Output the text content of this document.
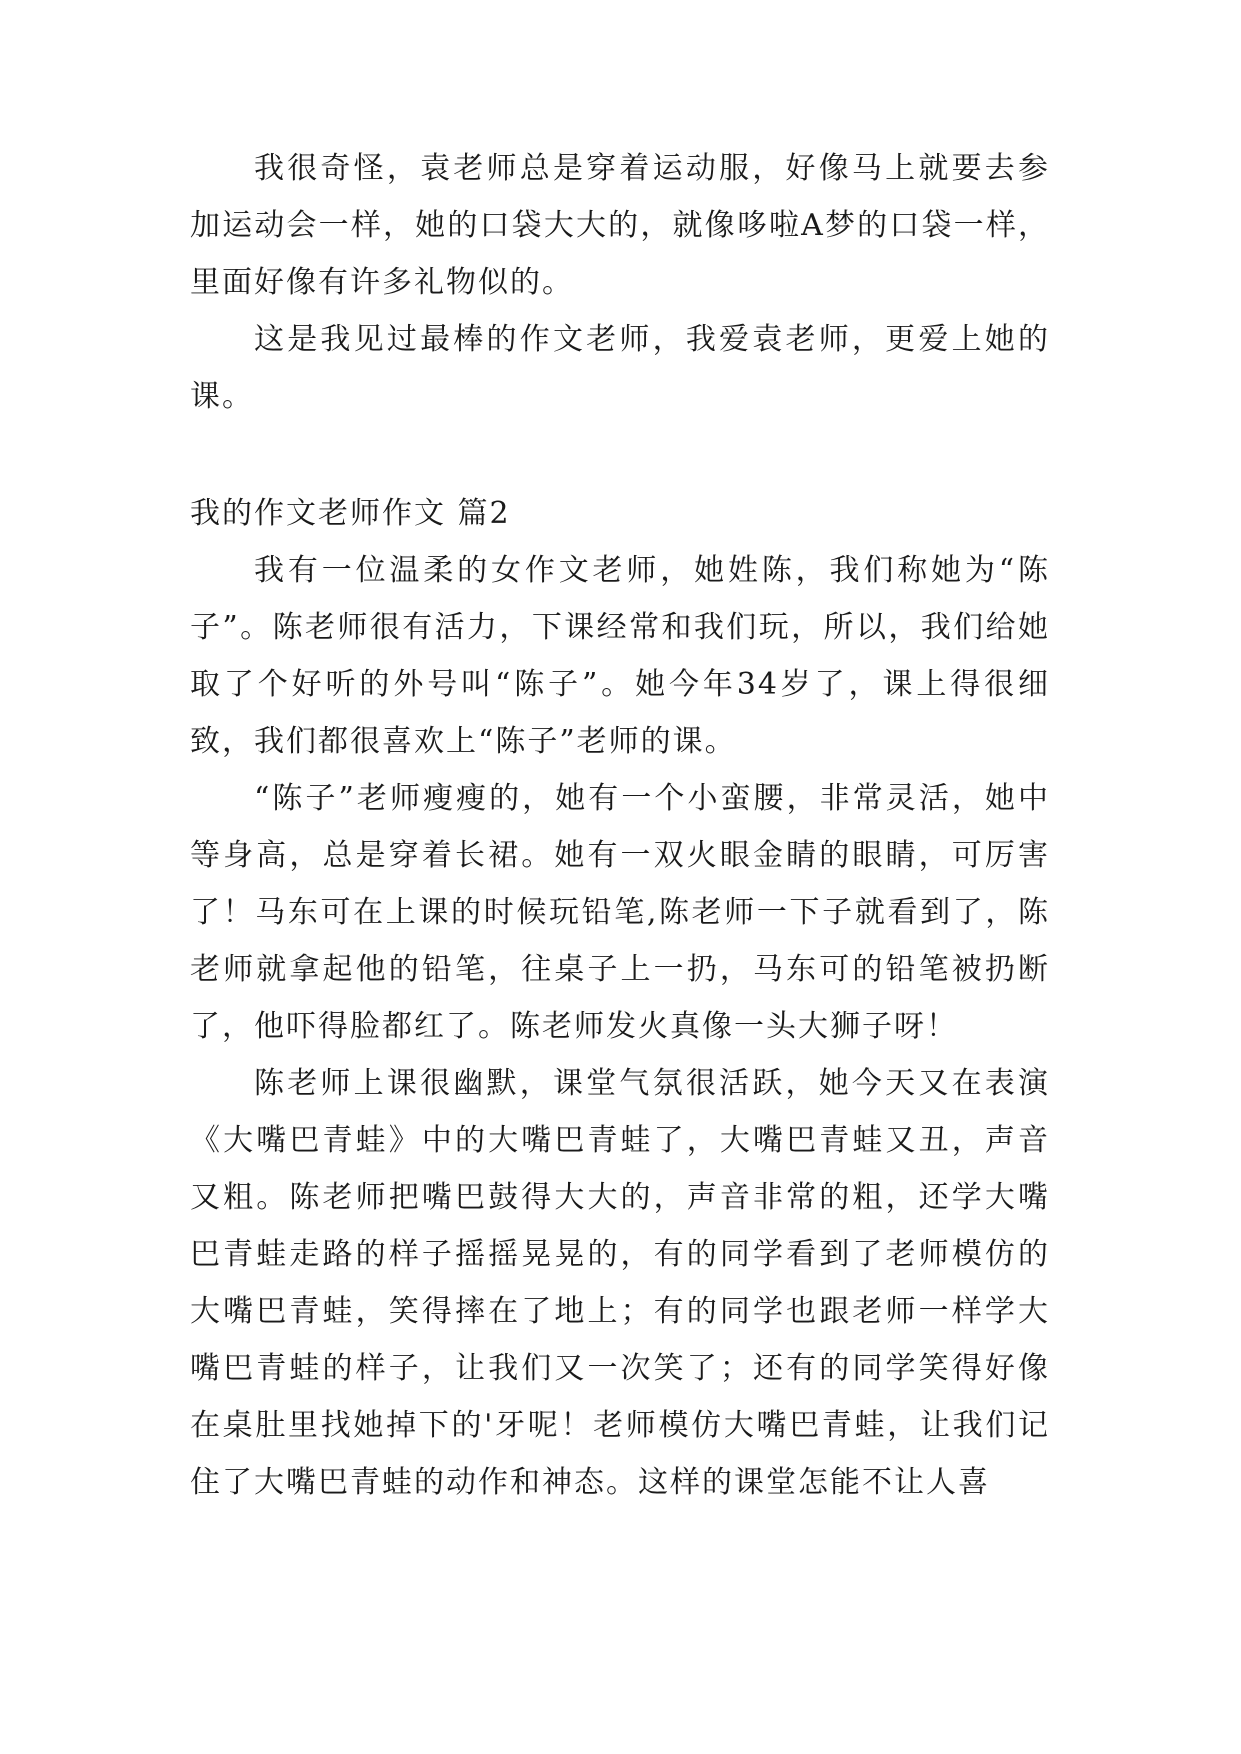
我很奇怪，袁老师总是穿着运动服，好像马上就要去参加运动会一样，她的口袋大大的，就像哆啦A梦的口袋一样，里面好像有许多礼物似的。

这是我见过最棒的作文老师，我爱袁老师，更爱上她的课。

我的作文老师作文 篇2

我有一位温柔的女作文老师，她姓陈，我们称她为“陈子”。陈老师很有活力，下课经常和我们玩，所以，我们给她取了个好听的外号叫“陈子”。她今年34岁了，课上得很细致，我们都很喜欢上“陈子”老师的课。

“陈子”老师瘦瘦的，她有一个小蛮腰，非常灵活，她中等身高，总是穿着长裙。她有一双火眼金睛的眼睛，可厉害了！马东可在上课的时候玩铅笔,陈老师一下子就看到了，陈老师就拿起他的铅笔，往桌子上一扔，马东可的铅笔被扔断了，他吓得脸都红了。陈老师发火真像一头大狮子呀！

陈老师上课很幽默，课堂气氛很活跃，她今天又在表演《大嘴巴青蛙》中的大嘴巴青蛙了，大嘴巴青蛙又丑，声音又粗。陈老师把嘴巴鼓得大大的，声音非常的粗，还学大嘴巴青蛙走路的样子摇摇晃晃的，有的同学看到了老师模仿的大嘴巴青蛙，笑得摔在了地上；有的同学也跟老师一样学大嘴巴青蛙的样子，让我们又一次笑了；还有的同学笑得好像在桌肚里找她掉下的'牙呢！老师模仿大嘴巴青蛙，让我们记住了大嘴巴青蛙的动作和神态。这样的课堂怎能不让人喜
